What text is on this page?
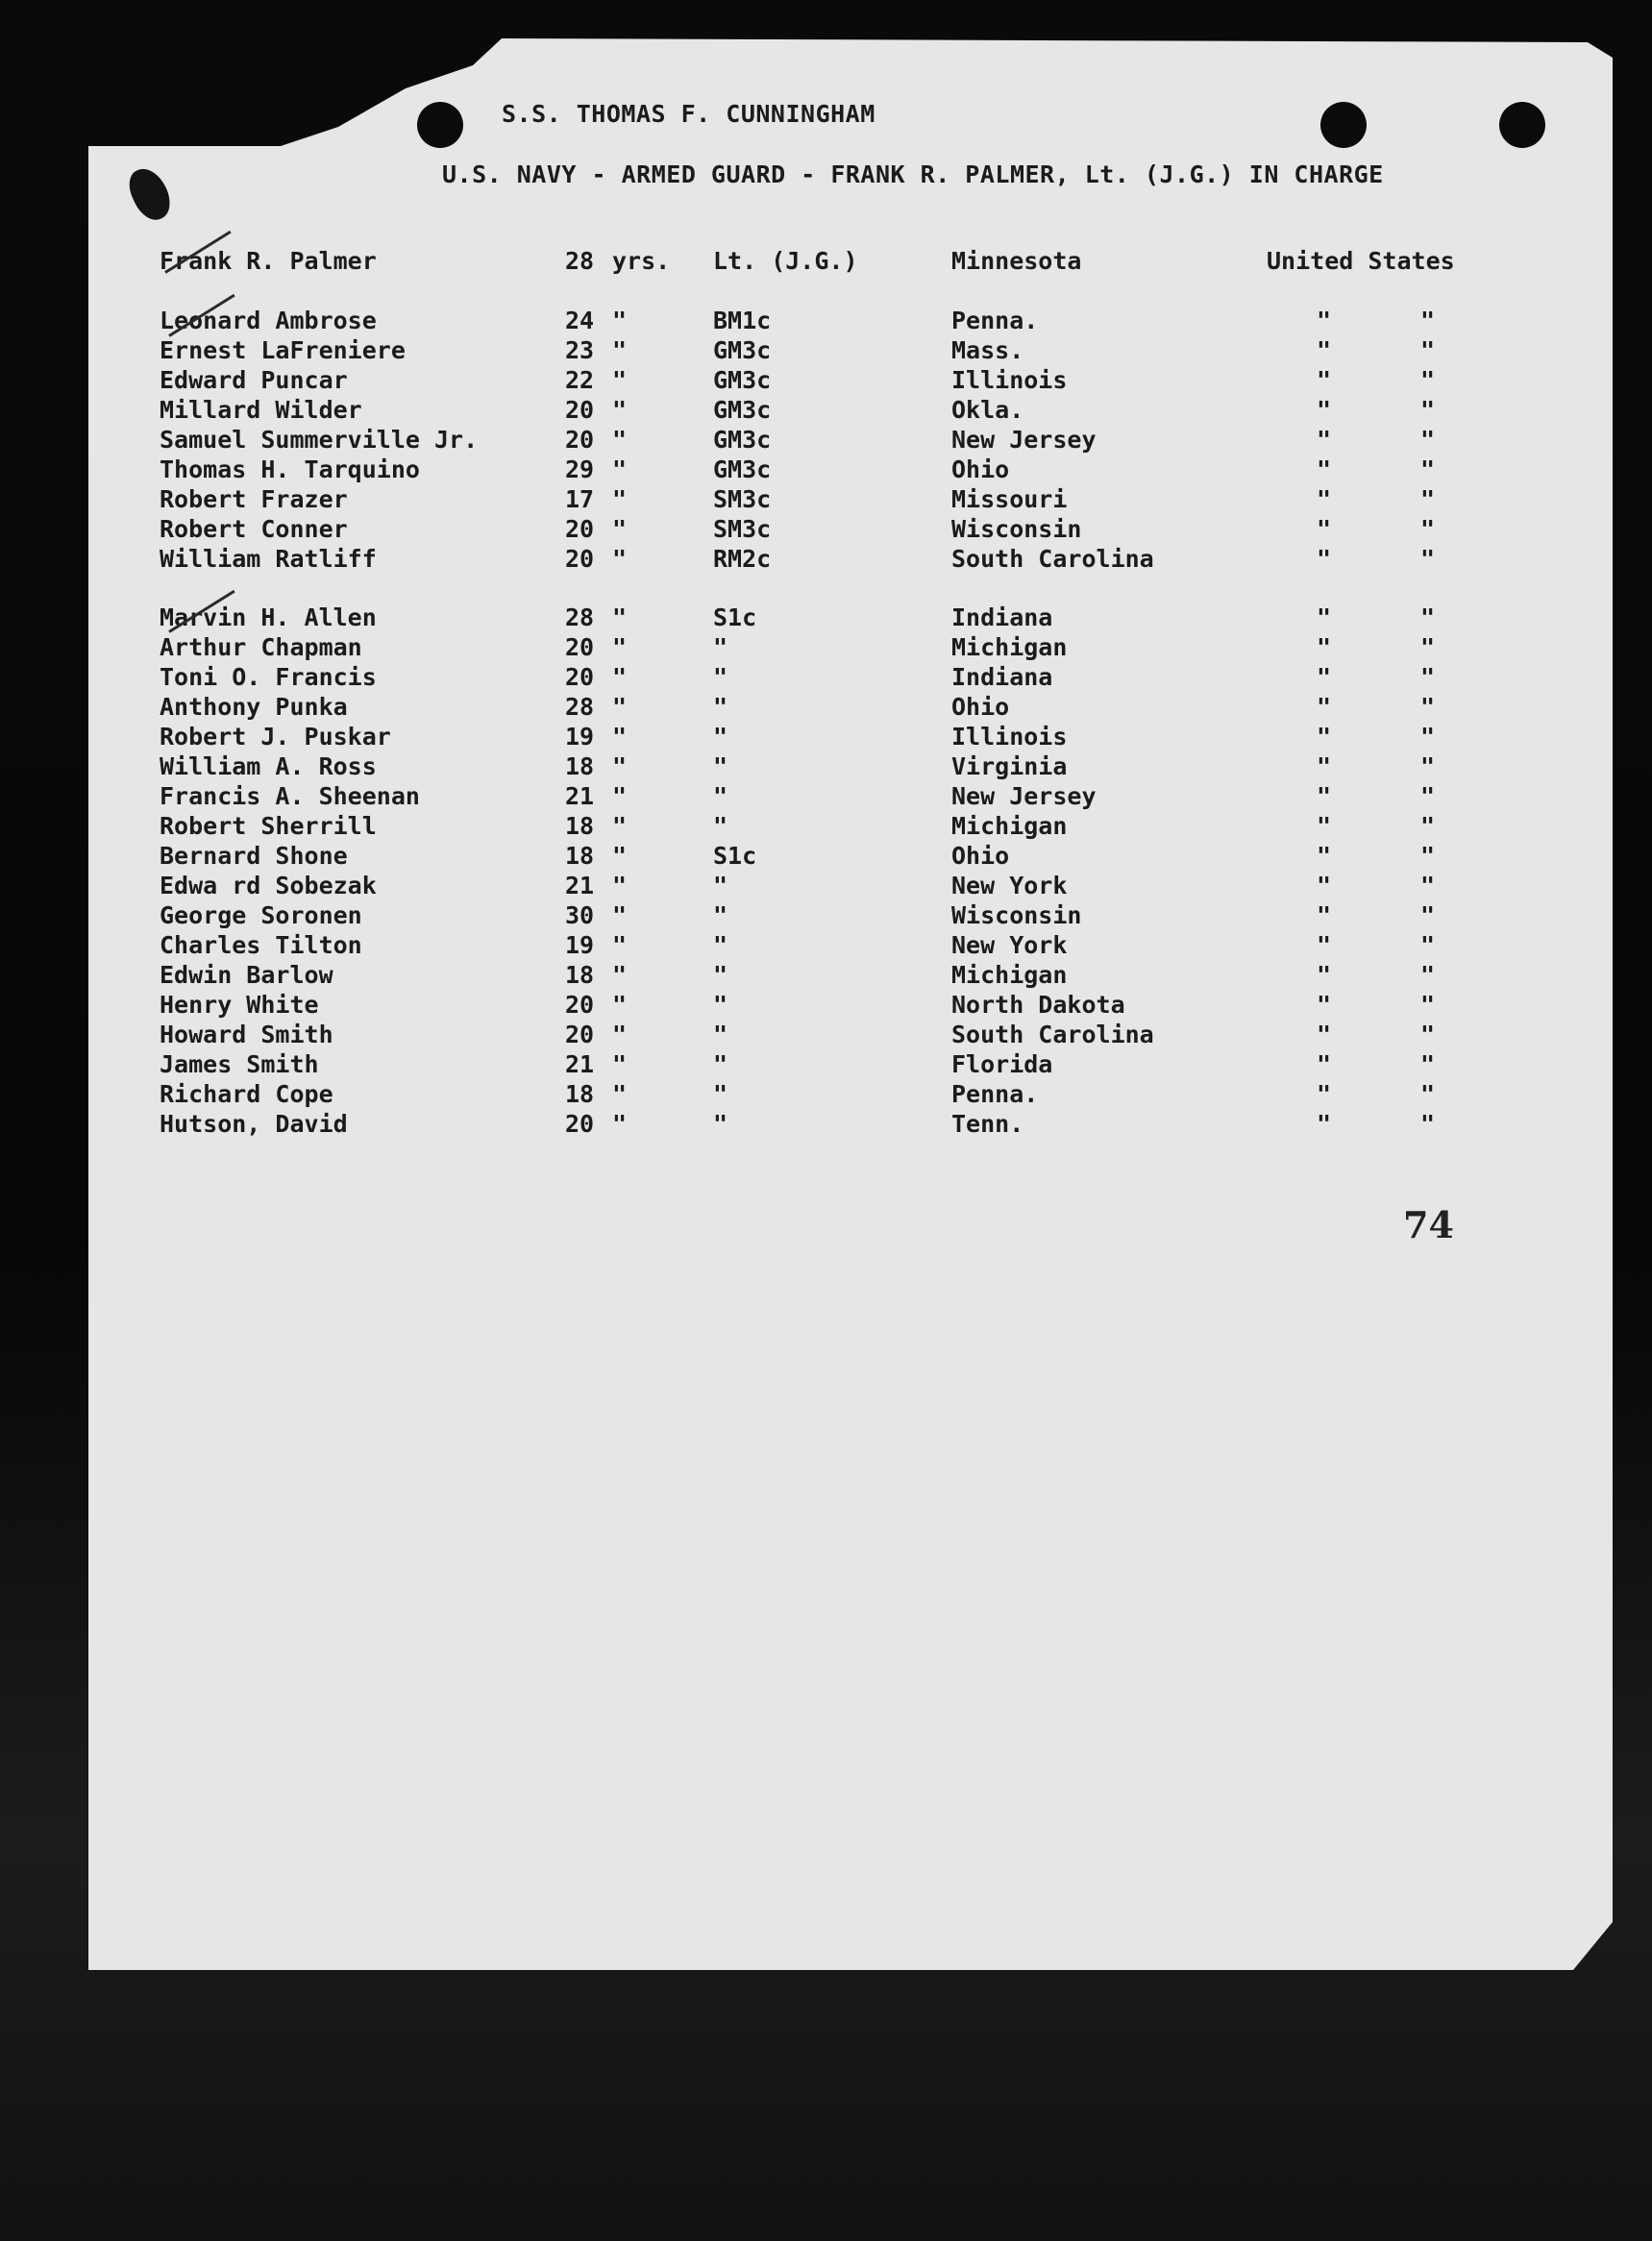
S.S. THOMAS F. CUNNINGHAM
U.S. NAVY - ARMED GUARD - FRANK R. PALMER, Lt. (J.G.) IN CHARGE
Frank R. Palmer	28 yrs. Lt. (J.G.)	Minnesota	United States
Leonard Ambrose	24 "	BM1c	Penna.	"	"
Ernest LaFreniere	23 "	GM3c	Mass.	"	"
Edward Puncar	22 "	GM3c	Illinois	"	"
Millard Wilder	20 "	GM3c	Okla.	"	"
Samuel Summerville Jr.	20 "	GM3c	New Jersey	"	"
Thomas H. Tarquino	29 "	GM3c	Ohio	"	"
Robert Frazer	17 "	SM3c	Missouri	"	"
Robert Conner	20 "	SM3c	Wisconsin	"	"
William Ratliff	20 "	RM2c	South Carolina	"	"
Marvin H. Allen	28 "	S1c	Indiana	"	"
Arthur Chapman	20 "	"	Michigan	"	"
Toni O. Francis	20 "	"	Indiana	"	"
Anthony Punka	28 "	"	Ohio	"	"
Robert J. Puskar	19 "	"	Illinois	"	"
William A. Ross	18 "	"	Virginia	"	"
Francis A. Sheenan	21 "	"	New Jersey	"	"
Robert Sherrill	18 "	"	Michigan	"	"
Bernard Shone	18 "	S1c	Ohio	"	"
Edwa rd Sobezak	21 "	"	New York	"	"
George Soronen	30 "	"	Wisconsin	"	"
Charles Tilton	19 "	"	New York	"	"
Edwin Barlow	18 "	"	Michigan	"	"
Henry White	20 "	"	North Dakota	"	"
Howard Smith	20 "	"	South Carolina	"	"
James Smith	21 "	"	Florida	"	"
Richard Cope	18 "	"	Penna.	"	"
Hutson, David	20 "	"	Tenn.	"	"
74
